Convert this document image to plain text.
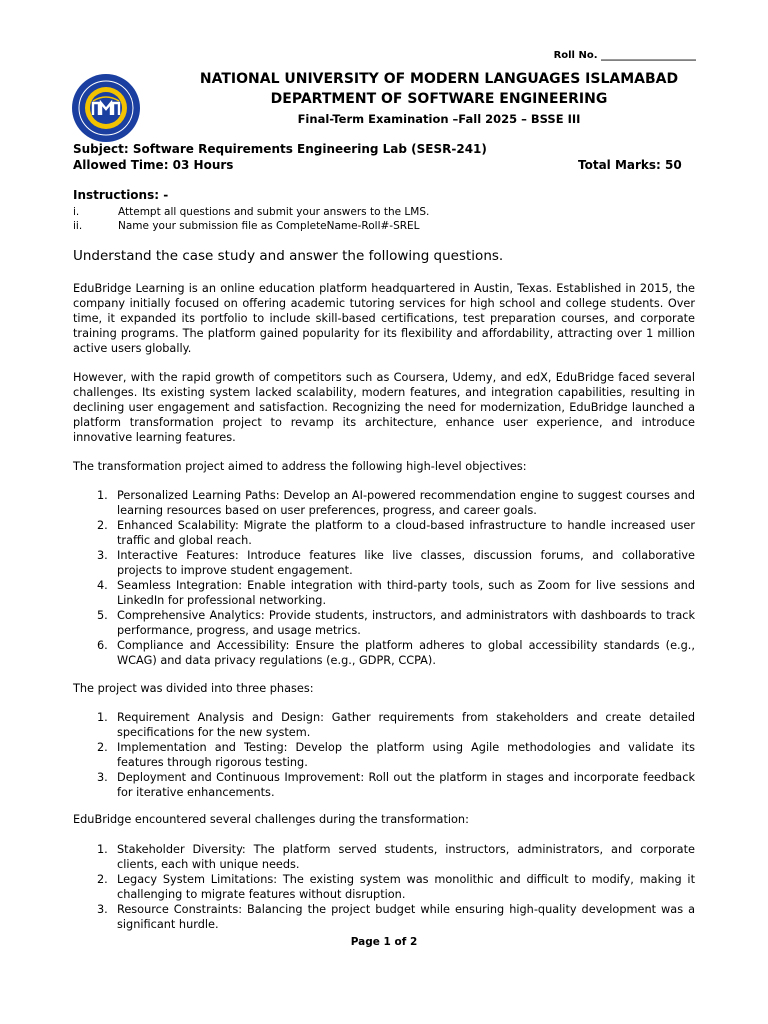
Roll No. ___________________
NATIONAL UNIVERSITY OF MODERN LANGUAGES ISLAMABAD
DEPARTMENT OF SOFTWARE ENGINEERING
Final-Term Examination –Fall 2025 – BSSE III
Subject: Software Requirements Engineering Lab (SESR-241)
Allowed Time: 03 Hours	Total Marks: 50
Instructions: -
i.	Attempt all questions and submit your answers to the LMS.
ii.	Name your submission file as CompleteName-Roll#-SREL
Understand the case study and answer the following questions.

EduBridge Learning is an online education platform headquartered in Austin, Texas. Established in 2015, the company initially focused on offering academic tutoring services for high school and college students. Over time, it expanded its portfolio to include skill-based certifications, test preparation courses, and corporate training programs. The platform gained popularity for its flexibility and affordability, attracting over 1 million active users globally.

However, with the rapid growth of competitors such as Coursera, Udemy, and edX, EduBridge faced several challenges. Its existing system lacked scalability, modern features, and integration capabilities, resulting in declining user engagement and satisfaction. Recognizing the need for modernization, EduBridge launched a platform transformation project to revamp its architecture, enhance user experience, and introduce innovative learning features.

The transformation project aimed to address the following high-level objectives:

1. Personalized Learning Paths: Develop an AI-powered recommendation engine to suggest courses and learning resources based on user preferences, progress, and career goals.
2. Enhanced Scalability: Migrate the platform to a cloud-based infrastructure to handle increased user traffic and global reach.
3. Interactive Features: Introduce features like live classes, discussion forums, and collaborative projects to improve student engagement.
4. Seamless Integration: Enable integration with third-party tools, such as Zoom for live sessions and LinkedIn for professional networking.
5. Comprehensive Analytics: Provide students, instructors, and administrators with dashboards to track performance, progress, and usage metrics.
6. Compliance and Accessibility: Ensure the platform adheres to global accessibility standards (e.g., WCAG) and data privacy regulations (e.g., GDPR, CCPA).

The project was divided into three phases:

1. Requirement Analysis and Design: Gather requirements from stakeholders and create detailed specifications for the new system.
2. Implementation and Testing: Develop the platform using Agile methodologies and validate its features through rigorous testing.
3. Deployment and Continuous Improvement: Roll out the platform in stages and incorporate feedback for iterative enhancements.

EduBridge encountered several challenges during the transformation:

1. Stakeholder Diversity: The platform served students, instructors, administrators, and corporate clients, each with unique needs.
2. Legacy System Limitations: The existing system was monolithic and difficult to modify, making it challenging to migrate features without disruption.
3. Resource Constraints: Balancing the project budget while ensuring high-quality development was a significant hurdle.
Page 1 of 2
